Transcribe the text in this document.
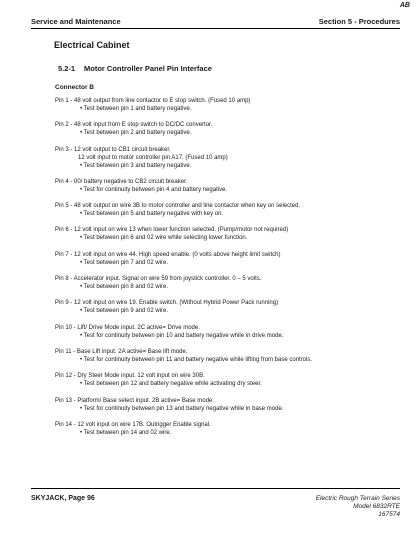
AB
Service and Maintenance	Section 5 - Procedures
Electrical Cabinet
5.2-1 Motor Controller Panel Pin Interface
Connector B
Pin 1 - 48 volt output from line contactor to E stop switch. (Fused 10 amp)
• Test between pin 1 and battery negative.
Pin 2 - 48 volt input from E stop switch to DC/DC convertor.
• Test between pin 2 and battery negative.
Pin 3 - 12 volt output to CB1 circuit breaker.
12 volt input to motor controller pin A17. (Fused 10 amp)
• Test between pin 3 and battery negative.
Pin 4 - 00/ battery negative to CB2 circuit breaker.
• Test for continuity between pin 4 and battery negative.
Pin 5 - 48 volt output on wire 3B to motor controller and line contactor when key on selected.
• Test between pin 5 and battery negative with key on.
Pin 6 - 12 volt input on wire 13 when lower function selected. (Pump/motor not required)
• Test between pin 6 and 02 wire while selecting lower function.
Pin 7 - 12 volt input on wire 44. High speed enable. (0 volts above height limit switch)
• Test between pin 7 and 02 wire.
Pin 8 - Accelerator input. Signal on wire 59 from joystick controller. 0 – 5 volts.
• Test between pin 8 and 02 wire.
Pin 9 - 12 volt input on wire 19. Enable switch. (Without Hybrid Power Pack running)
• Test between pin 9 and 02 wire.
Pin 10 - Lift/ Drive Mode input. 2C active= Drive mode.
• Test for continuity between pin 10 and battery negative while in drive mode.
Pin 11 - Base Lift input. 2A active= Base lift mode.
• Test for continuity between pin 11 and battery negative while lifting from base controls.
Pin 12 - Dry Steer Mode input. 12 volt input on wire 30B.
• Test between pin 12 and battery negative while activating dry steer.
Pin 13 - Platform/ Base select input. 2B active= Base mode.
• Test for continuity between pin 13 and battery negative while in base mode.
Pin 14 - 12 volt input on wire 17B. Outrigger Enable signal.
• Test between pin 14 and 02 wire.
SKYJACK, Page 96	Electric Rough Terrain Series
Model 6832RTE
167574
